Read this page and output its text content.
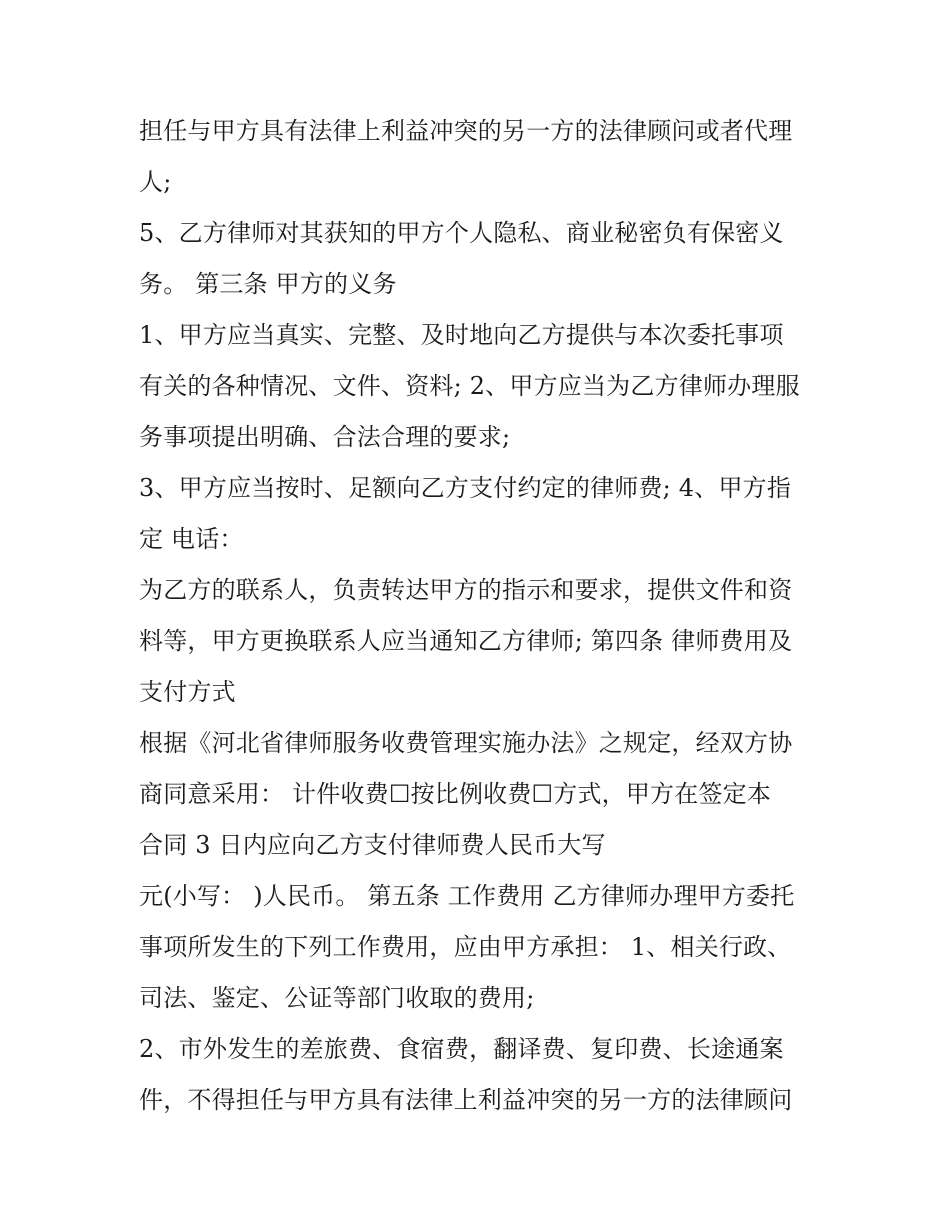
担任与甲方具有法律上利益冲突的另一方的法律顾问或者代理
人;
5、乙方律师对其获知的甲方个人隐私、商业秘密负有保密义
务。 第三条 甲方的义务
1、甲方应当真实、完整、及时地向乙方提供与本次委托事项
有关的各种情况、文件、资料; 2、甲方应当为乙方律师办理服
务事项提出明确、合法合理的要求;
3、甲方应当按时、足额向乙方支付约定的律师费; 4、甲方指
定 电话：
为乙方的联系人，负责转达甲方的指示和要求，提供文件和资
料等，甲方更换联系人应当通知乙方律师; 第四条 律师费用及
支付方式
根据《河北省律师服务收费管理实施办法》之规定，经双方协
商同意采用： 计件收费☐按比例收费☐方式，甲方在签定本
合同 3 日内应向乙方支付律师费人民币大写
元(小写： )人民币。 第五条 工作费用 乙方律师办理甲方委托
事项所发生的下列工作费用，应由甲方承担： 1、相关行政、
司法、鉴定、公证等部门收取的费用;
2、市外发生的差旅费、食宿费，翻译费、复印费、长途通案
件，不得担任与甲方具有法律上利益冲突的另一方的法律顾问
